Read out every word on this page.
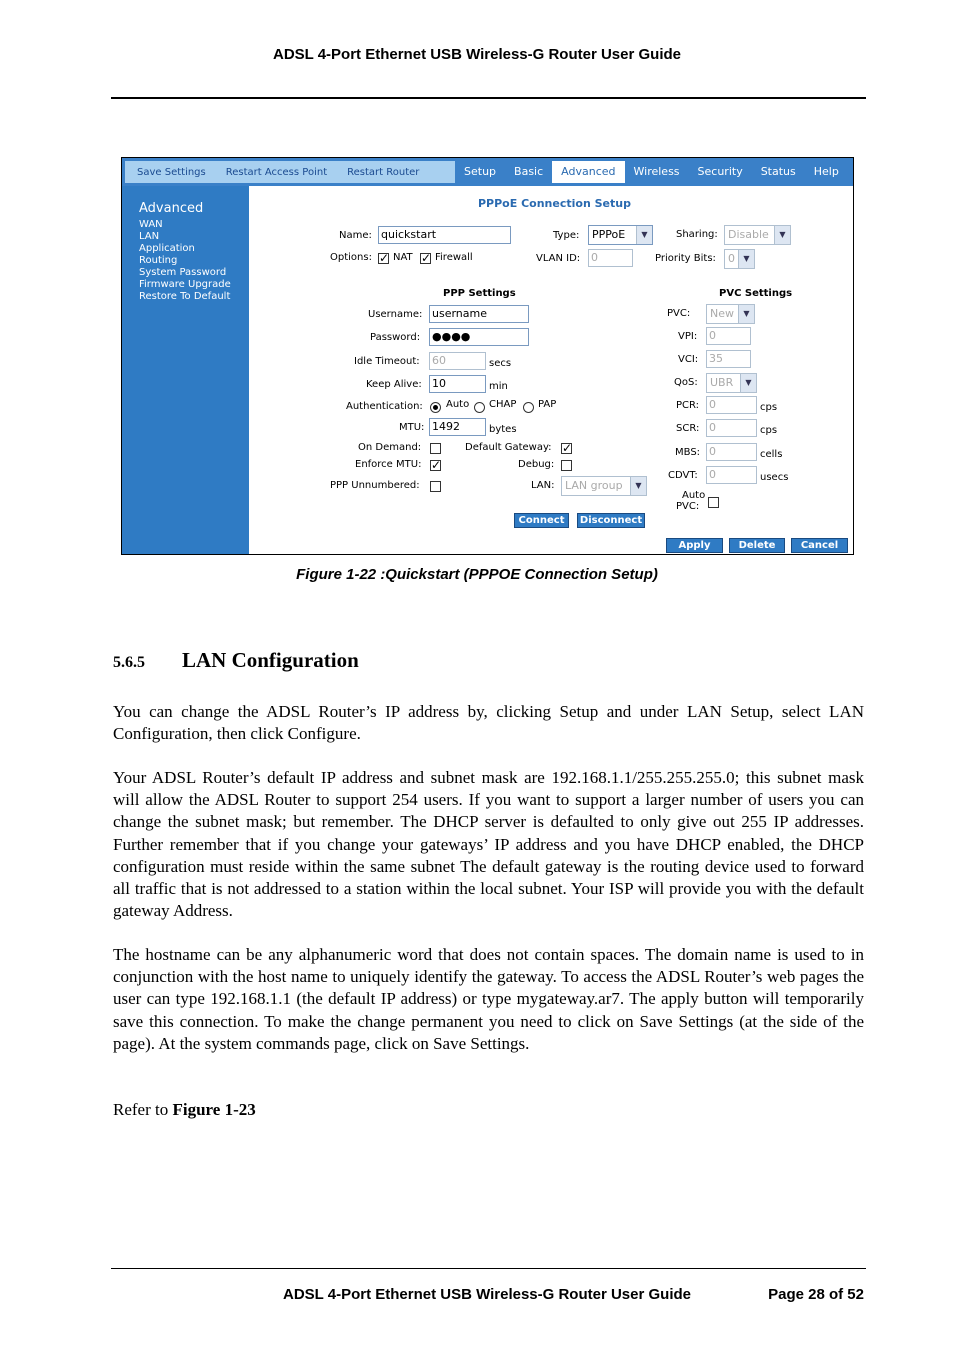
ADSL 4-Port Ethernet USB Wireless-G Router User Guide
Save Settings Restart Access Point Restart Router	Setup	Basic	Advanced	Wireless	Security	Status	Help
Advanced
WAN
LAN
Application
Routing
System Password
Firmware Upgrade
Restore To Default
PPPoE Connection Setup
Name: quickstart	Type:	PPPoE	▼	Sharing: Disable	▼
Options: ✓ NAT ✓ Firewall	VLAN ID: 0	Priority Bits:	0	▼
PPP Settings	PVC Settings
Username: username
Password: ●●●●
Idle Timeout: 60	secs
Keep Alive: 10	min
Authentication: Auto CHAP PAP
MTU: 1492	bytes
On Demand:	Default Gateway: ✓
Enforce MTU: ✓	Debug:
PPP Unnumbered:	LAN: LAN group	▼
PVC:	New	▼
VPI: 0
VCI: 35
QoS:	UBR	▼
PCR: 0	cps
SCR: 0	cps
MBS: 0	cells
CDVT: 0	usecs
Auto
PVC:
Connect	Disconnect
Apply	Delete	Cancel
Figure 1-22 :Quickstart (PPPOE Connection Setup)
5.6.5 LAN Configuration
You can change the ADSL Router’s IP address by, clicking Setup and under LAN Setup, select LAN Configuration, then click Configure.
Your ADSL Router’s default IP address and subnet mask are 192.168.1.1/255.255.255.0; this subnet mask will allow the ADSL Router to support 254 users. If you want to support a larger number of users you can change the subnet mask; but remember. The DHCP server is defaulted to only give out 255 IP addresses. Further remember that if you change your gateways’ IP address and you have DHCP enabled, the DHCP configuration must reside within the same subnet The default gateway is the routing device used to forward all traffic that is not addressed to a station within the local subnet. Your ISP will provide you with the default gateway Address.
The hostname can be any alphanumeric word that does not contain spaces. The domain name is used to in conjunction with the host name to uniquely identify the gateway. To access the ADSL Router’s web pages the user can type 192.168.1.1 (the default IP address) or type mygateway.ar7. The apply button will temporarily save this connection. To make the change permanent you need to click on Save Settings (at the side of the page). At the system commands page, click on Save Settings.
Refer to Figure 1-23
ADSL 4-Port Ethernet USB Wireless-G Router User Guide	Page 28 of 52
